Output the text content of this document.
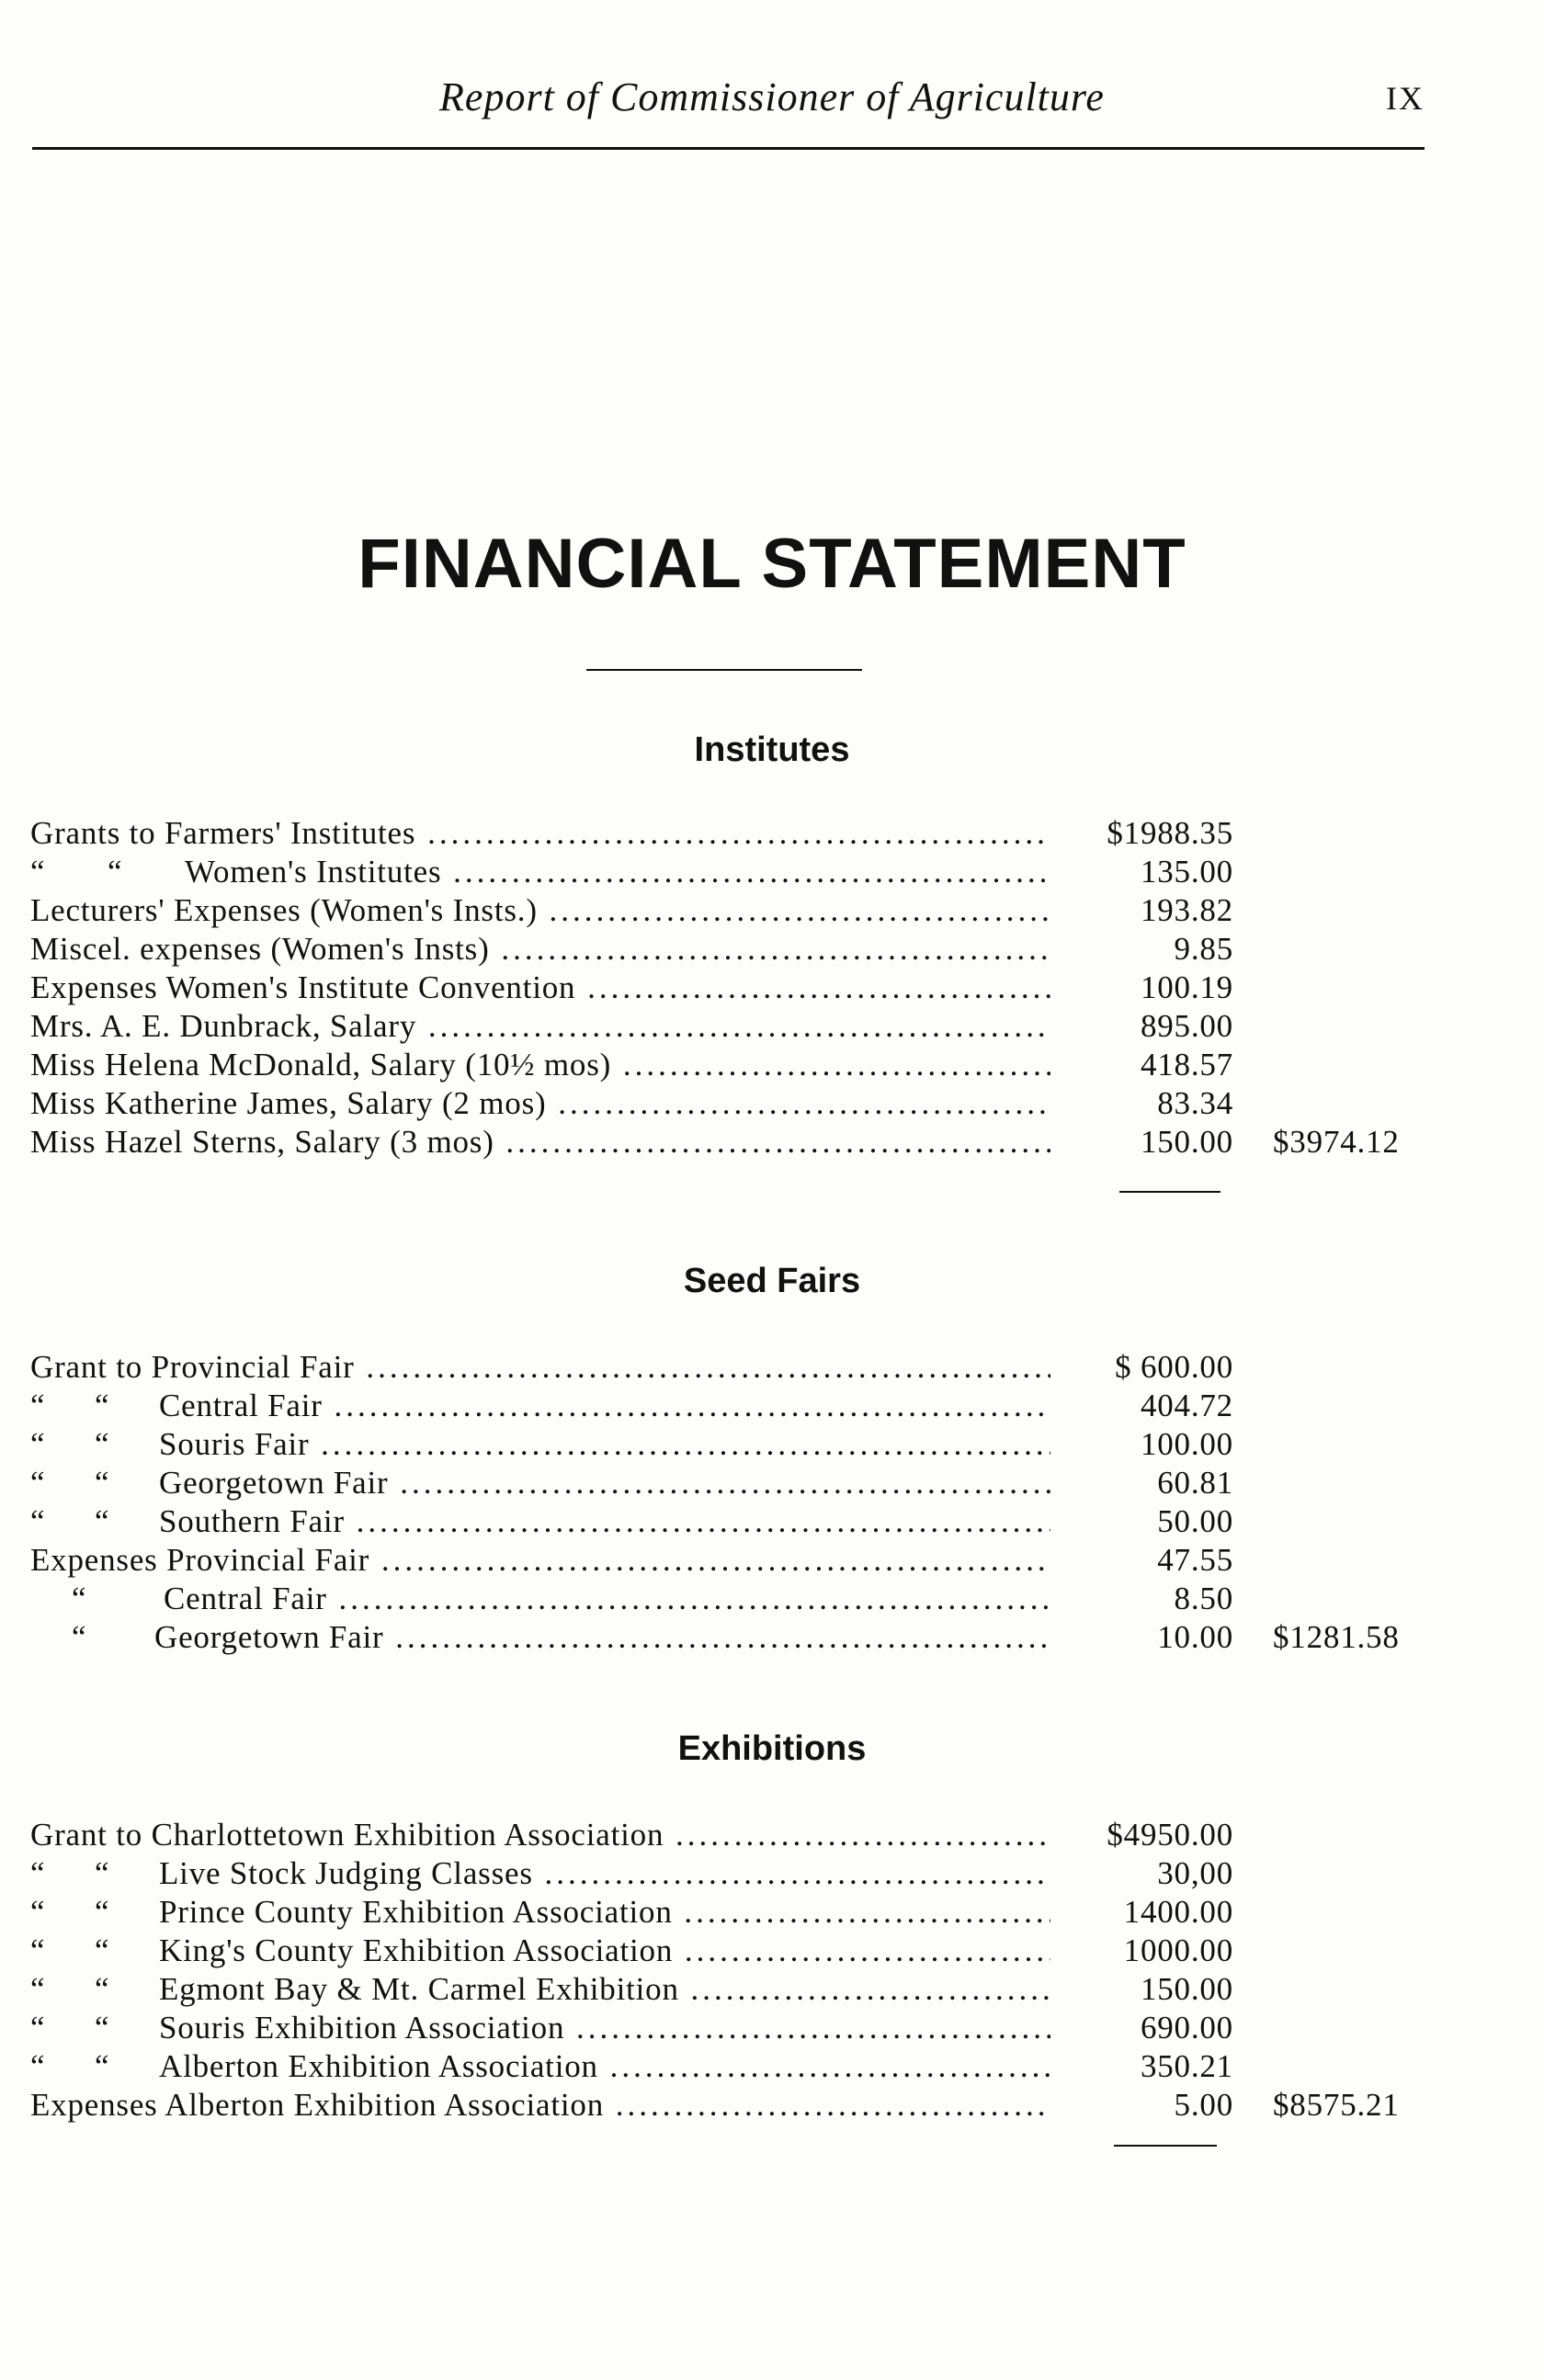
Report of Commissioner of Agriculture	IX
FINANCIAL STATEMENT
Institutes
Grants to Farmers' Institutes .....	$1988.35
“ “ Women's Institutes .....	135.00
Lecturers' Expenses (Women's Insts.) .....	193.82
Miscel. expenses (Women's Insts) .....	9.85
Expenses Women's Institute Convention .....	100.19
Mrs. A. E. Dunbrack, Salary .....	895.00
Miss Helena McDonald, Salary (10½ mos) .....	418.57
Miss Katherine James, Salary (2 mos) .....	83.34
Miss Hazel Sterns, Salary (3 mos) .....	150.00 $3974.12
Seed Fairs
Grant to Provincial Fair .....	$ 600.00
“ “ Central Fair .....	404.72
“ “ Souris Fair .....	100.00
“ “ Georgetown Fair .....	60.81
“ “ Southern Fair .....	50.00
Expenses Provincial Fair .....	47.55
“ Central Fair .....	8.50
“ Georgetown Fair .....	10.00 $1281.58
Exhibitions
Grant to Charlottetown Exhibition Association .....	$4950.00
“ “ Live Stock Judging Classes .....	30,00
“ “ Prince County Exhibition Association .....	1400.00
“ “ King's County Exhibition Association .....	1000.00
“ “ Egmont Bay & Mt. Carmel Exhibition .....	150.00
“ “ Souris Exhibition Association .....	690.00
“ “ Alberton Exhibition Association .....	350.21
Expenses Alberton Exhibition Association .....	5.00 $8575.21
